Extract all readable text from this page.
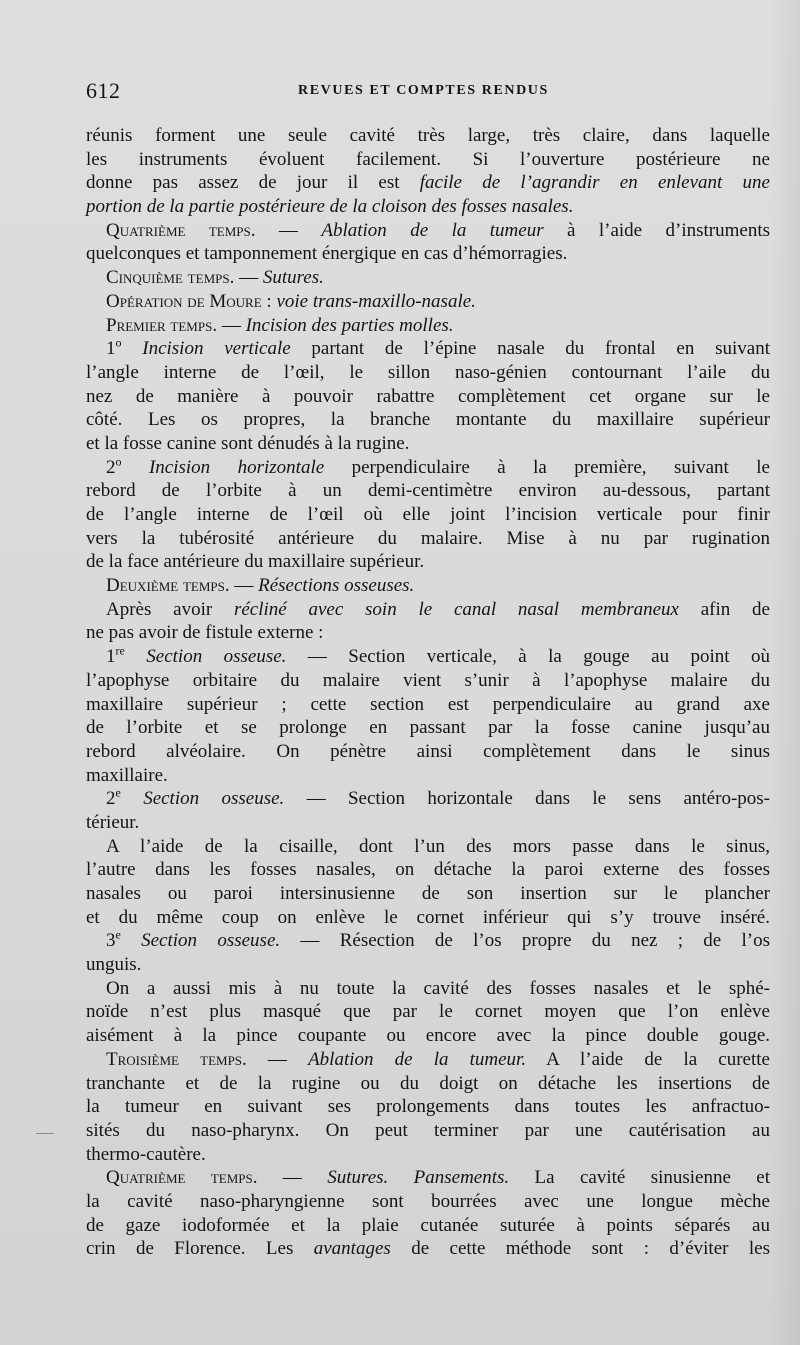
612	REVUES ET COMPTES RENDUS
réunis forment une seule cavité très large, très claire, dans laquelle
les instruments évoluent facilement. Si l’ouverture postérieure ne
donne pas assez de jour il est facile de l’agrandir en enlevant une
portion de la partie postérieure de la cloison des fosses nasales.
Quatrième temps. — Ablation de la tumeur à l’aide d’instruments
quelconques et tamponnement énergique en cas d’hémorragies.
Cinquième temps. — Sutures.
Opération de Moure : voie trans-maxillo-nasale.
Premier temps. — Incision des parties molles.
1$^o$ Incision verticale partant de l’épine nasale du frontal en suivant
l’angle interne de l’œil, le sillon naso-génien contournant l’aile du
nez de manière à pouvoir rabattre complètement cet organe sur le
côté. Les os propres, la branche montante du maxillaire supérieur
et la fosse canine sont dénudés à la rugine.
2$^o$ Incision horizontale perpendiculaire à la première, suivant le
rebord de l’orbite à un demi-centimètre environ au-dessous, partant
de l’angle interne de l’œil où elle joint l’incision verticale pour finir
vers la tubérosité antérieure du malaire. Mise à nu par rugination
de la face antérieure du maxillaire supérieur.
Deuxième temps. — Résections osseuses.
Après avoir récliné avec soin le canal nasal membraneux afin de
ne pas avoir de fistule externe :
1re Section osseuse. — Section verticale, à la gouge au point où
l’apophyse orbitaire du malaire vient s’unir à l’apophyse malaire du
maxillaire supérieur ; cette section est perpendiculaire au grand axe
de l’orbite et se prolonge en passant par la fosse canine jusqu’au
rebord alvéolaire. On pénètre ainsi complètement dans le sinus
maxillaire.
2e Section osseuse. — Section horizontale dans le sens antéro-pos-
térieur.
A l’aide de la cisaille, dont l’un des mors passe dans le sinus,
l’autre dans les fosses nasales, on détache la paroi externe des fosses
nasales ou paroi intersinusienne de son insertion sur le plancher
et du même coup on enlève le cornet inférieur qui s’y trouve inséré.
3e Section osseuse. — Résection de l’os propre du nez ; de l’os
unguis.
On a aussi mis à nu toute la cavité des fosses nasales et le sphé-
noïde n’est plus masqué que par le cornet moyen que l’on enlève
aisément à la pince coupante ou encore avec la pince double gouge.
Troisième temps. — Ablation de la tumeur. A l’aide de la curette
tranchante et de la rugine ou du doigt on détache les insertions de
la tumeur en suivant ses prolongements dans toutes les anfractuo-
sités du naso-pharynx. On peut terminer par une cautérisation au
thermo-cautère.
Quatrième temps. — Sutures. Pansements. La cavité sinusienne et
la cavité naso-pharyngienne sont bourrées avec une longue mèche
de gaze iodoformée et la plaie cutanée suturée à points séparés au
crin de Florence. Les avantages de cette méthode sont : d’éviter les
